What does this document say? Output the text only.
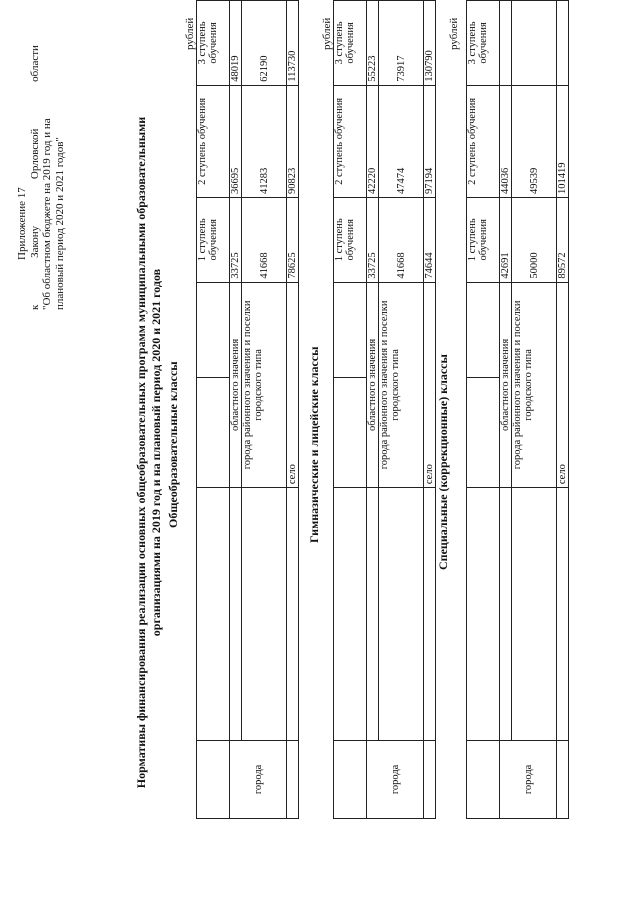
Приложение 17 к Закону Орловской области "Об областном бюджете на 2019 год и на плановый период 2020 и 2021 годов"	Нормативы финансирования реализации основных общеобразовательных программ муниципальными образовательными организациями на 2019 год и на плановый период 2020 и 2021 годов Общеобразовательные классы
рублей
				1 ступень обучения	2 ступень обучения	3 ступень обучения
города		областного значения		33725	36695	48019
		города районного значения и поселки городского типа		41668	41283	62190
		село		78625	90823	113730
Гимназические и лицейские классы
рублей
				1 ступень обучения	2 ступень обучения	3 ступень обучения
города		областного значения		33725	42220	55223
		города районного значения и поселки городского типа		41668	47474	73917
		село		74644	97194	130790
Специальные (коррекционные) классы
рублей
				1 ступень обучения	2 ступень обучения	3 ступень обучения
города		областного значения		42691	44036	
		города районного значения и поселки городского типа		50000	49539	
		село		89572	101419	
